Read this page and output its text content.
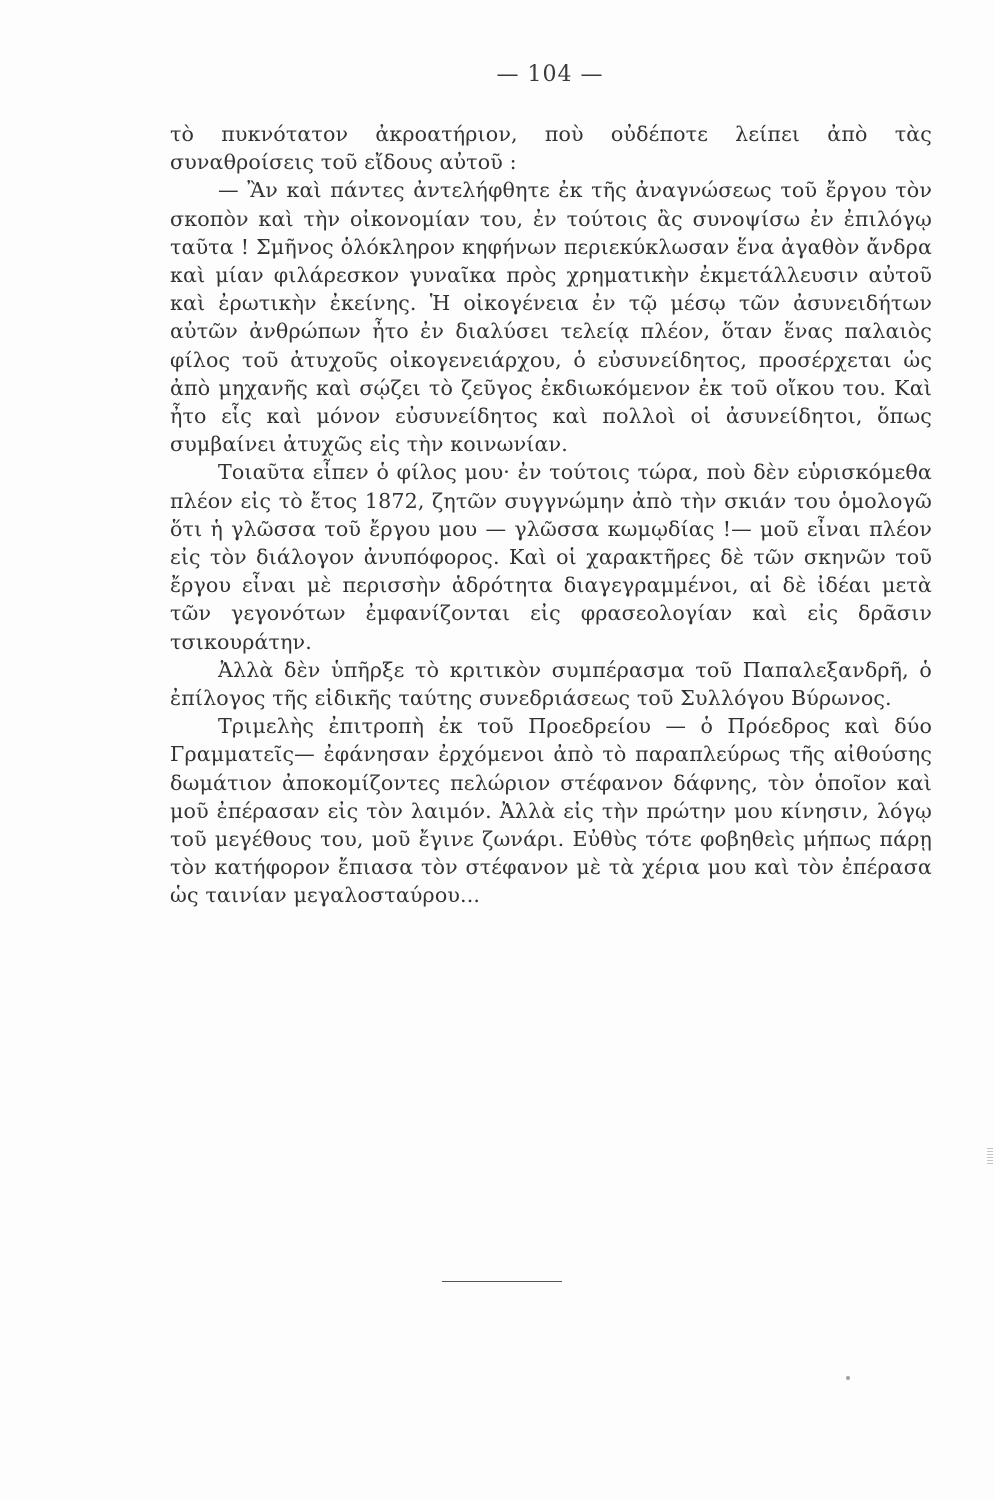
— 104 —

τὸ πυκνότατον ἀκροατήριον, ποὺ οὐδέποτε λείπει ἀπὸ τὰς συναθροίσεις τοῦ εἴδους αὐτοῦ :

— Ἂν καὶ πάντες ἀντελήφθητε ἐκ τῆς ἀναγνώσεως τοῦ ἔργου τὸν σκοπὸν καὶ τὴν οἰκονομίαν του, ἐν τούτοις ἂς συνοψίσω ἐν ἐπιλόγῳ ταῦτα ! Σμῆνος ὁλόκληρον κηφήνων περιεκύκλωσαν ἕνα ἀγαθὸν ἄνδρα καὶ μίαν φιλάρεσκον γυναῖκα πρὸς χρηματικὴν ἐκμετάλλευσιν αὐτοῦ καὶ ἐρωτικὴν ἐκείνης. Ἡ οἰκογένεια ἐν τῷ μέσῳ τῶν ἀσυνειδήτων αὐτῶν ἀνθρώπων ἦτο ἐν διαλύσει τελείᾳ πλέον, ὅταν ἕνας παλαιὸς φίλος τοῦ ἀτυχοῦς οἰκογενειάρχου, ὁ εὐσυνείδητος, προσέρχεται ὡς ἀπὸ μηχανῆς καὶ σῴζει τὸ ζεῦγος ἐκδιωκόμενον ἐκ τοῦ οἴκου του. Καὶ ἦτο εἷς καὶ μόνον εὐσυνείδητος καὶ πολλοὶ οἱ ἀσυνείδητοι, ὅπως συμβαίνει ἀτυχῶς εἰς τὴν κοινωνίαν.

Τοιαῦτα εἶπεν ὁ φίλος μου· ἐν τούτοις τώρα, ποὺ δὲν εὑρισκόμεθα πλέον εἰς τὸ ἔτος 1872, ζητῶν συγγνώμην ἀπὸ τὴν σκιάν του ὁμολογῶ ὅτι ἡ γλῶσσα τοῦ ἔργου μου — γλῶσσα κωμῳδίας !— μοῦ εἶναι πλέον εἰς τὸν διάλογον ἀνυπόφορος. Καὶ οἱ χαρακτῆρες δὲ τῶν σκηνῶν τοῦ ἔργου εἶναι μὲ περισσὴν ἁδρότητα διαγεγραμμένοι, αἱ δὲ ἰδέαι μετὰ τῶν γεγονότων ἐμφανίζονται εἰς φρασεολογίαν καὶ εἰς δρᾶσιν τσικουράτην.

Ἀλλὰ δὲν ὑπῆρξε τὸ κριτικὸν συμπέρασμα τοῦ Παπαλεξανδρῆ, ὁ ἐπίλογος τῆς εἰδικῆς ταύτης συνεδριάσεως τοῦ Συλλόγου Βύρωνος.

Τριμελὴς ἐπιτροπὴ ἐκ τοῦ Προεδρείου — ὁ Πρόεδρος καὶ δύο Γραμματεῖς— ἐφάνησαν ἐρχόμενοι ἀπὸ τὸ παραπλεύρως τῆς αἰθούσης δωμάτιον ἀποκομίζοντες πελώριον στέφανον δάφνης, τὸν ὁποῖον καὶ μοῦ ἐπέρασαν εἰς τὸν λαιμόν. Ἀλλὰ εἰς τὴν πρώτην μου κίνησιν, λόγῳ τοῦ μεγέθους του, μοῦ ἔγινε ζωνάρι. Εὐθὺς τότε φοβηθεὶς μήπως πάρῃ τὸν κατήφορον ἔπιασα τὸν στέφανον μὲ τὰ χέρια μου καὶ τὸν ἐπέρασα ὡς ταινίαν μεγαλοσταύρου...
